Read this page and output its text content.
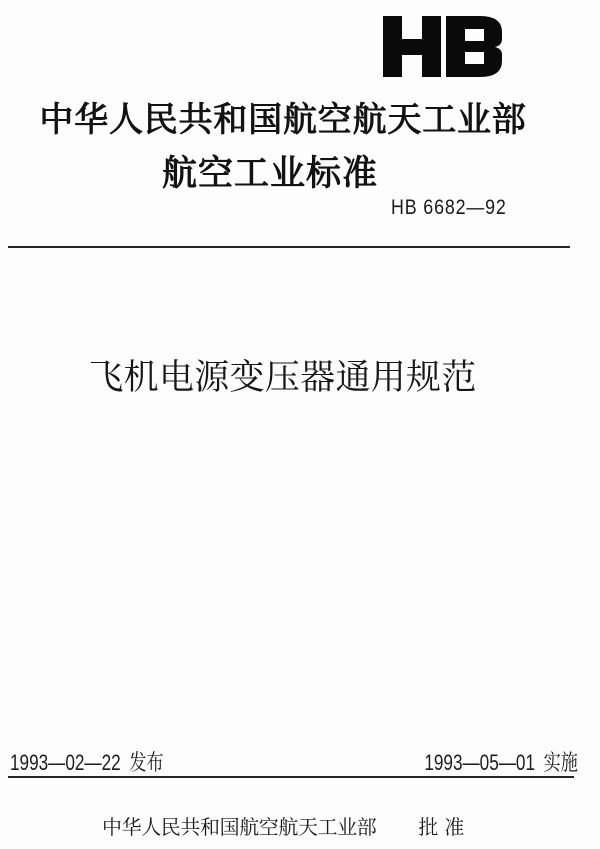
中华人民共和国航空航天工业部
航空工业标准
HB 6682—92
飞机电源变压器通用规范
1993—02—22 发布	1993—05—01 实施
中华人民共和国航空航天工业部 批准
